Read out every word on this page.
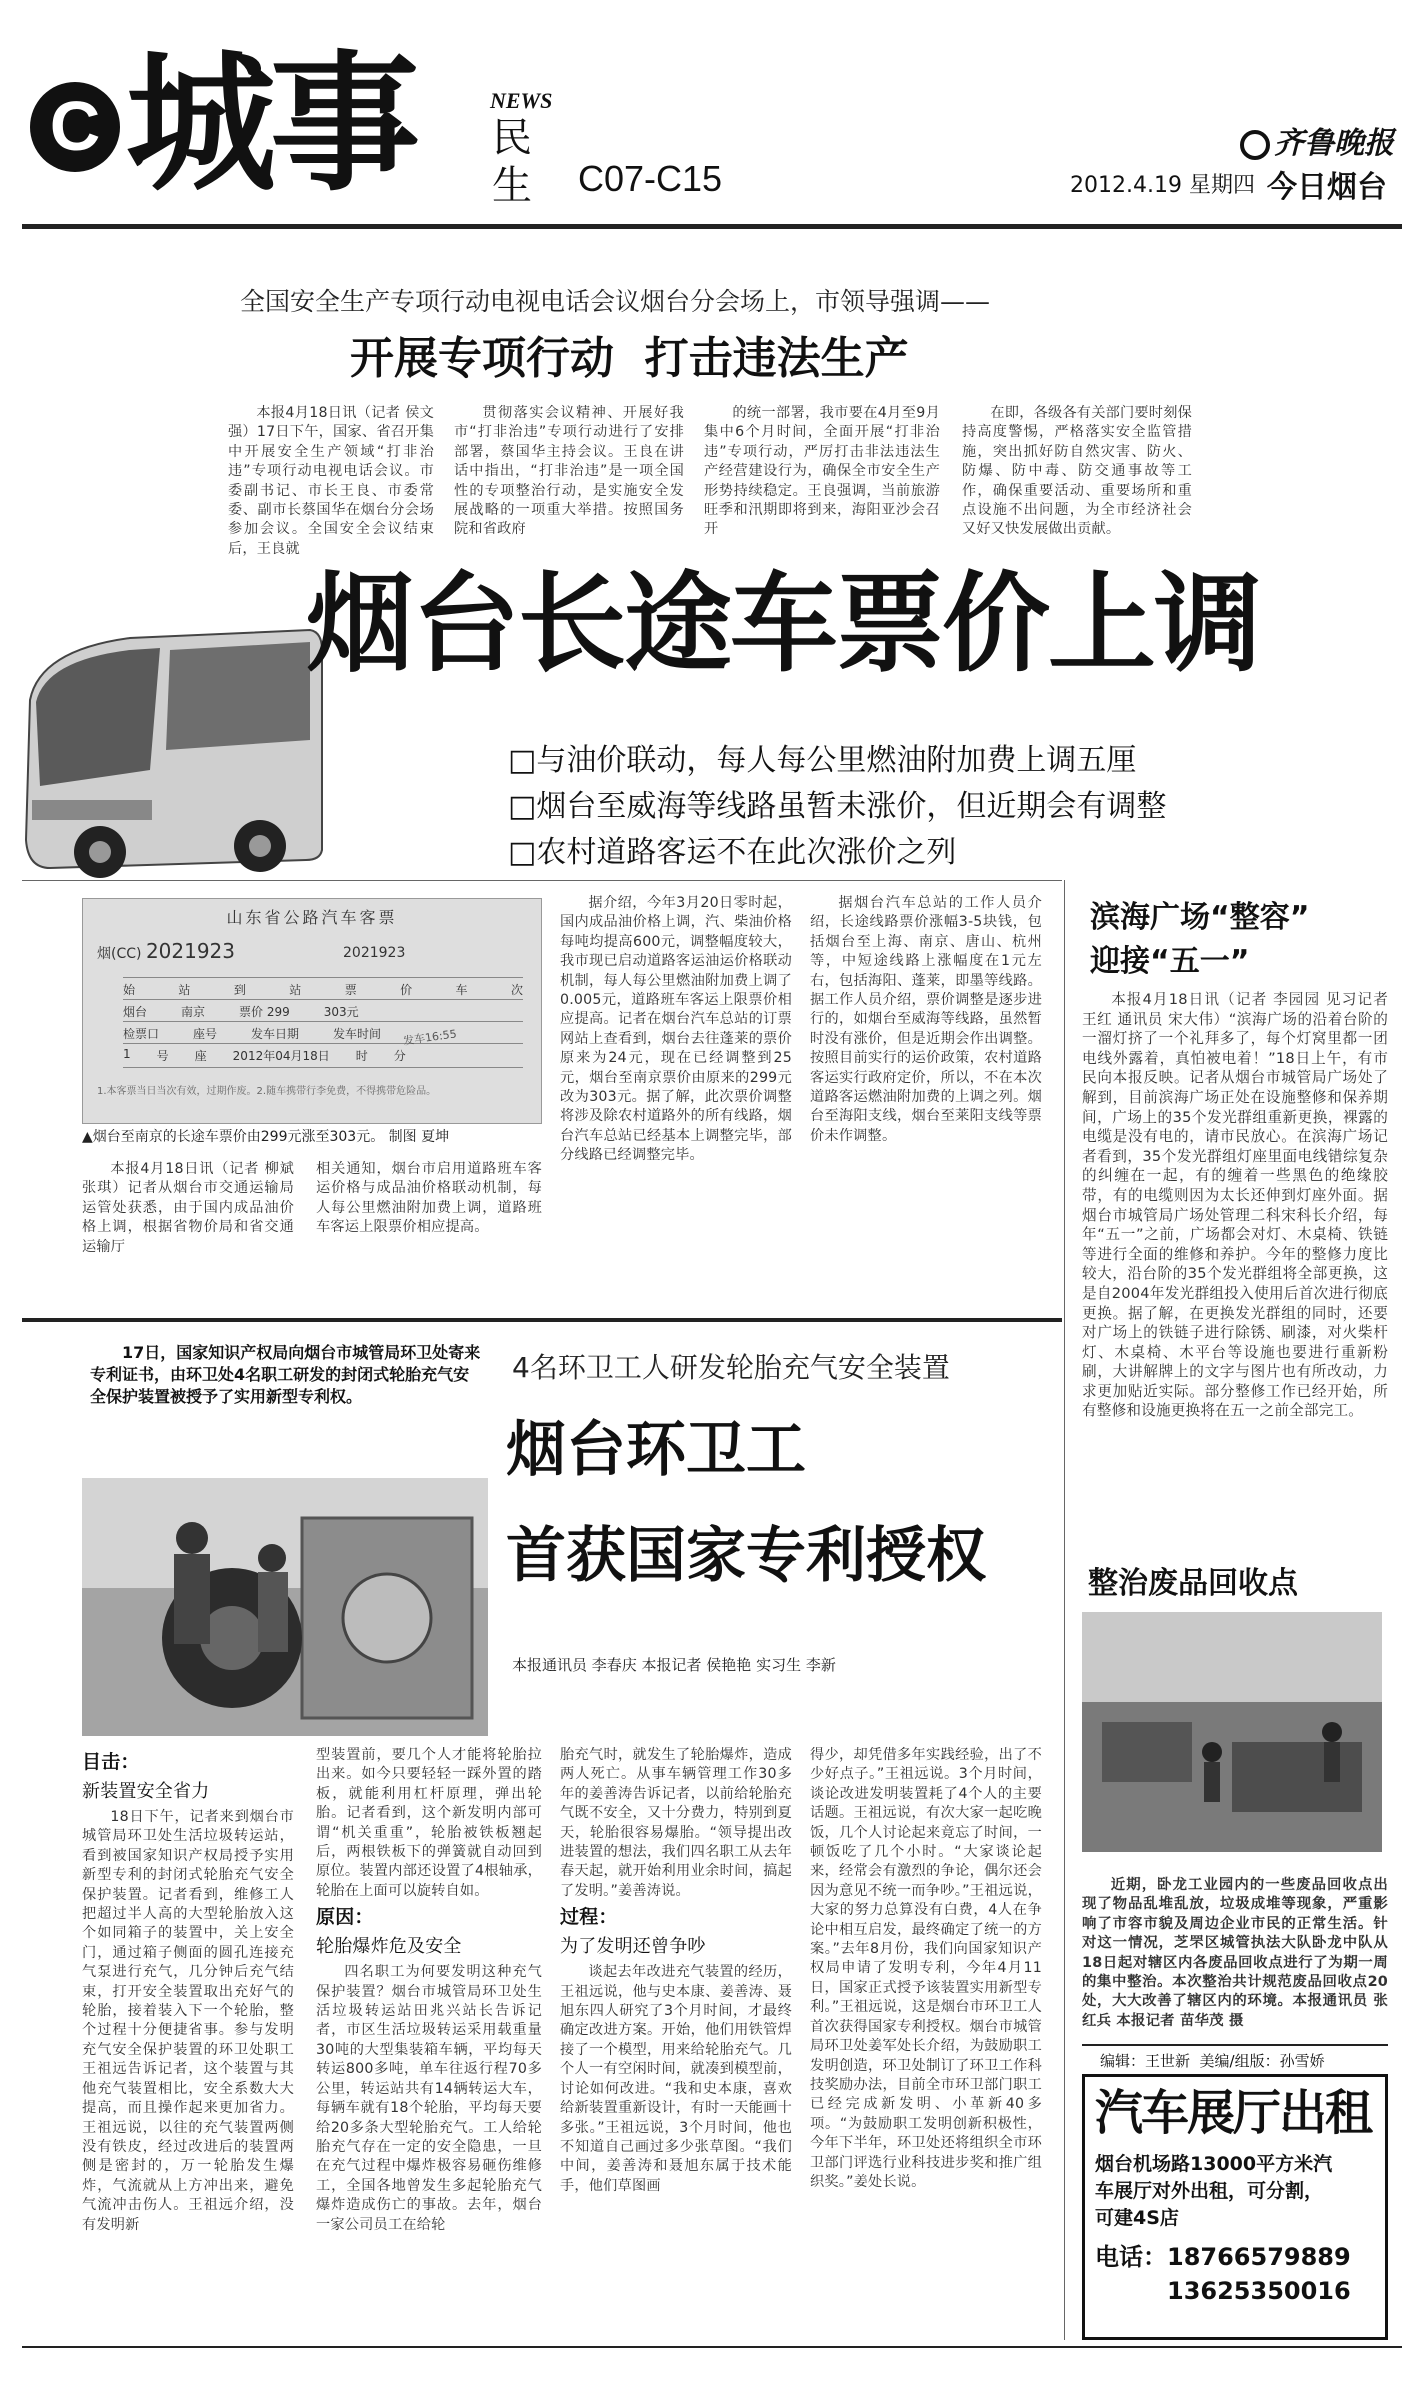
C 城事	NEWS
民生 C07-C15
齐鲁晚报
2012.4.19 星期四 今日烟台
全国安全生产专项行动电视电话会议烟台分会场上，市领导强调——
开展专项行动  打击违法生产

本报4月18日讯（记者 侯文强）17日下午，国家、省召开集中开展安全生产领域“打非治违”专项行动电视电话会议。市委副书记、市长王良、市委常委、副市长蔡国华在烟台分会场参加会议。全国安全会议结束后，王良就

贯彻落实会议精神、开展好我市“打非治违”专项行动进行了安排部署，蔡国华主持会议。王良在讲话中指出，“打非治违”是一项全国性的专项整治行动，是实施安全发展战略的一项重大举措。按照国务院和省政府

的统一部署，我市要在4月至9月集中6个月时间，全面开展“打非治违”专项行动，严厉打击非法违法生产经营建设行为，确保全市安全生产形势持续稳定。王良强调，当前旅游旺季和汛期即将到来，海阳亚沙会召开

在即，各级各有关部门要时刻保持高度警惕，严格落实安全监管措施，突出抓好防自然灾害、防火、防爆、防中毒、防交通事故等工作，确保重要活动、重要场所和重点设施不出问题，为全市经济社会又好又快发展做出贡献。

烟台长途车票价上调
□与油价联动，每人每公里燃油附加费上调五厘
□烟台至威海等线路虽暂未涨价，但近期会有调整
□农村道路客运不在此次涨价之列
山东省公路汽车客票
烟(CC) 2021923	2021923
始	站	到	站	票	价	车	次
烟台	南京	票价 299	303元
检票口	座号	发车日期	发车时间
1 号 座 2012年04月18日 时 分
发车16:55
1.本客票当日当次有效，过期作废。2.随车携带行李免费，不得携带危险品。
▲烟台至南京的长途车票价由299元涨至303元。 制图 夏坤

本报4月18日讯（记者 柳斌 张琪）记者从烟台市交通运输局运管处获悉，由于国内成品油价格上调，根据省物价局和省交通运输厅

相关通知，烟台市启用道路班车客运价格与成品油价格联动机制，每人每公里燃油附加费上调，道路班车客运上限票价相应提高。

据介绍，今年3月20日零时起，国内成品油价格上调，汽、柴油价格每吨均提高600元，调整幅度较大，我市现已启动道路客运油运价格联动机制，每人每公里燃油附加费上调了0.005元，道路班车客运上限票价相应提高。记者在烟台汽车总站的订票网站上查看到，烟台去往蓬莱的票价原来为24元，现在已经调整到25元，烟台至南京票价由原来的299元改为303元。据了解，此次票价调整将涉及除农村道路外的所有线路，烟台汽车总站已经基本上调整完毕，部分线路已经调整完毕。

据烟台汽车总站的工作人员介绍，长途线路票价涨幅3-5块钱，包括烟台至上海、南京、唐山、杭州等，中短途线路上涨幅度在1元左右，包括海阳、蓬莱，即墨等线路。据工作人员介绍，票价调整是逐步进行的，如烟台至威海等线路，虽然暂时没有涨价，但是近期会作出调整。按照目前实行的运价政策，农村道路客运实行政府定价，所以，不在本次道路客运燃油附加费的上调之列。烟台至海阳支线，烟台至莱阳支线等票价未作调整。

滨海广场“整容”
迎接“五一”

本报4月18日讯（记者 李园园 见习记者 王红 通讯员 宋大伟）“滨海广场的沿着台阶的一溜灯挤了一个礼拜多了，每个灯窝里都一团电线外露着，真怕被电着！”18日上午，有市民向本报反映。记者从烟台市城管局广场处了解到，目前滨海广场正处在设施整修和保养期间，广场上的35个发光群组重新更换，裸露的电缆是没有电的，请市民放心。在滨海广场记者看到，35个发光群组灯座里面电线错综复杂的纠缠在一起，有的缠着一些黑色的绝缘胶带，有的电缆则因为太长还伸到灯座外面。据烟台市城管局广场处管理二科宋科长介绍，每年“五一”之前，广场都会对灯、木桌椅、铁链等进行全面的维修和养护。今年的整修力度比较大，沿台阶的35个发光群组将全部更换，这是自2004年发光群组投入使用后首次进行彻底更换。据了解，在更换发光群组的同时，还要对广场上的铁链子进行除锈、刷漆，对火柴杆灯、木桌椅、木平台等设施也要进行重新粉刷，大讲解牌上的文字与图片也有所改动，力求更加贴近实际。部分整修工作已经开始，所有整修和设施更换将在五一之前全部完工。

整治废品回收点

近期，卧龙工业园内的一些废品回收点出现了物品乱堆乱放，垃圾成堆等现象，严重影响了市容市貌及周边企业市民的正常生活。针对这一情况，芝罘区城管执法大队卧龙中队从18日起对辖区内各废品回收点进行了为期一周的集中整治。本次整治共计规范废品回收点20处，大大改善了辖区内的环境。本报通讯员 张红兵 本报记者 苗华茂 摄

编辑：王世新  美编/组版：孙雪娇
汽车展厅出租
烟台机场路13000平方米汽
车展厅对外出租，可分割，
可建4S店
电话：18766579889
13625350016
17日，国家知识产权局向烟台市城管局环卫处寄来专利证书，由环卫处4名职工研发的封闭式轮胎充气安全保护装置被授予了实用新型专利权。
4名环卫工人研发轮胎充气安全装置
烟台环卫工
首获国家专利授权
本报通讯员 李春庆 本报记者 侯艳艳 实习生 李新
目击：
新装置安全省力

18日下午，记者来到烟台市城管局环卫处生活垃圾转运站，看到被国家知识产权局授予实用新型专利的封闭式轮胎充气安全保护装置。记者看到，维修工人把超过半人高的大型轮胎放入这个如同箱子的装置中，关上安全门，通过箱子侧面的圆孔连接充气泵进行充气，几分钟后充气结束，打开安全装置取出充好气的轮胎，接着装入下一个轮胎，整个过程十分便捷省事。参与发明充气安全保护装置的环卫处职工王祖远告诉记者，这个装置与其他充气装置相比，安全系数大大提高，而且操作起来更加省力。王祖远说，以往的充气装置两侧没有铁皮，经过改进后的装置两侧是密封的，万一轮胎发生爆炸，气流就从上方冲出来，避免气流冲击伤人。王祖远介绍，没有发明新

型装置前，要几个人才能将轮胎拉出来。如今只要轻轻一踩外置的踏板，就能利用杠杆原理，弹出轮胎。记者看到，这个新发明内部可谓“机关重重”，轮胎被铁板翘起后，两根铁板下的弹簧就自动回到原位。装置内部还设置了4根轴承，轮胎在上面可以旋转自如。

原因：
轮胎爆炸危及安全

四名职工为何要发明这种充气保护装置？烟台市城管局环卫处生活垃圾转运站田兆兴站长告诉记者，市区生活垃圾转运采用载重量30吨的大型集装箱车辆，平均每天转运800多吨，单车往返行程70多公里，转运站共有14辆转运大车，每辆车就有18个轮胎，平均每天要给20多条大型轮胎充气。工人给轮胎充气存在一定的安全隐患，一旦在充气过程中爆炸极容易砸伤维修工，全国各地曾发生多起轮胎充气爆炸造成伤亡的事故。去年，烟台一家公司员工在给轮

胎充气时，就发生了轮胎爆炸，造成两人死亡。从事车辆管理工作30多年的姜善涛告诉记者，以前给轮胎充气既不安全，又十分费力，特别到夏天，轮胎很容易爆胎。“领导提出改进装置的想法，我们四名职工从去年春天起，就开始利用业余时间，搞起了发明。”姜善涛说。

过程：
为了发明还曾争吵

谈起去年改进充气装置的经历，王祖远说，他与史本康、姜善涛、聂旭东四人研究了3个月时间，才最终确定改进方案。开始，他们用铁管焊接了一个模型，用来给轮胎充气。几个人一有空闲时间，就凑到模型前，讨论如何改进。“我和史本康，喜欢给新装置重新设计，有时一天能画十多张。”王祖远说，3个月时间，他也不知道自己画过多少张草图。“我们中间，姜善涛和聂旭东属于技术能手，他们草图画

得少，却凭借多年实践经验，出了不少好点子。”王祖远说。3个月时间，谈论改进发明装置耗了4个人的主要话题。王祖远说，有次大家一起吃晚饭，几个人讨论起来竟忘了时间，一顿饭吃了几个小时。“大家谈论起来，经常会有激烈的争论，偶尔还会因为意见不统一而争吵。”王祖远说，大家的努力总算没有白费，4人在争论中相互启发，最终确定了统一的方案。”去年8月份，我们向国家知识产权局申请了发明专利，今年4月11日，国家正式授予该装置实用新型专利。”王祖远说，这是烟台市环卫工人首次获得国家专利授权。烟台市城管局环卫处姜军处长介绍，为鼓励职工发明创造，环卫处制订了环卫工作科技奖励办法，目前全市环卫部门职工已经完成新发明、小革新40多项。“为鼓励职工发明创新积极性，今年下半年，环卫处还将组织全市环卫部门评选行业科技进步奖和推广组织奖。”姜处长说。
